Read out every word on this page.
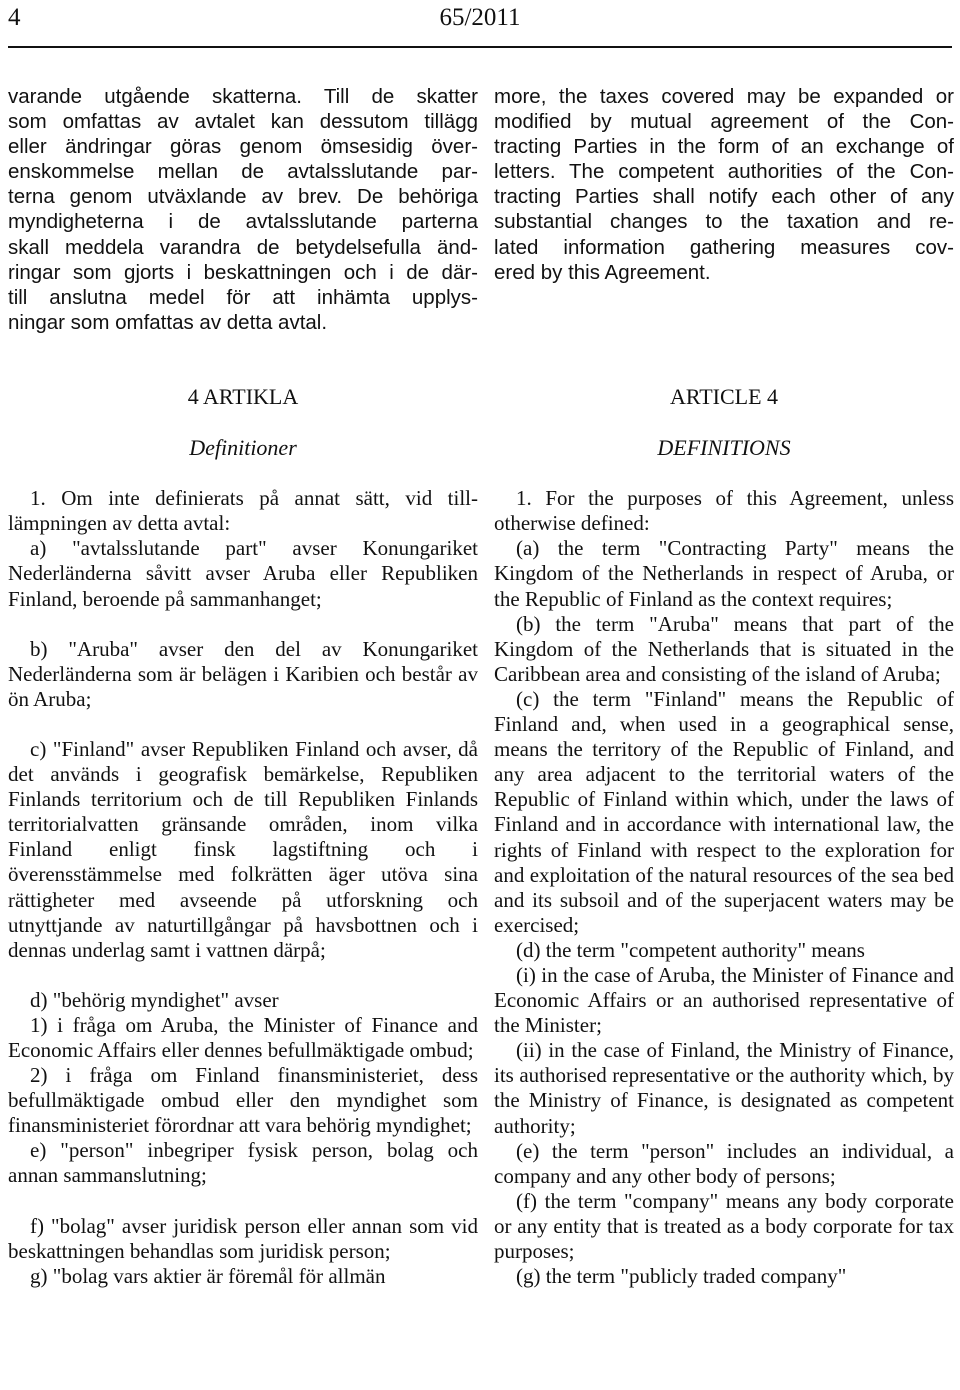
4	65/2011
varande utgående skatterna. Till de skatter
som omfattas av avtalet kan dessutom tillägg
eller ändringar göras genom ömsesidig över-
enskommelse mellan de avtalsslutande par-
terna genom utväxlande av brev. De behöriga
myndigheterna i de avtalsslutande parterna
skall meddela varandra de betydelsefulla änd-
ringar som gjorts i beskattningen och i de där-
till anslutna medel för att inhämta upplys-
ningar som omfattas av detta avtal.
more, the taxes covered may be expanded or
modified by mutual agreement of the Con-
tracting Parties in the form of an exchange of
letters. The competent authorities of the Con-
tracting Parties shall notify each other of any
substantial changes to the taxation and re-
lated information gathering measures cov-
ered by this Agreement.
4 ARTIKLA
Definitioner

1. Om inte definierats på annat sätt, vid till-lämpningen av detta avtal:

a) "avtalsslutande part" avser Konungariket Nederländerna såvitt avser Aruba eller Republiken Finland, beroende på sammanhanget;

b) "Aruba" avser den del av Konungariket Nederländerna som är belägen i Karibien och består av ön Aruba;

c) "Finland" avser Republiken Finland och avser, då det används i geografisk bemärkelse, Republiken Finlands territorium och de till Republiken Finlands territorialvatten gränsande områden, inom vilka Finland enligt finsk lagstiftning och i överensstämmelse med folkrätten äger utöva sina rättigheter med avseende på utforskning och utnyttjande av naturtillgångar på havsbottnen och i dennas underlag samt i vattnen därpå;

d) "behörig myndighet" avser

1) i fråga om Aruba, the Minister of Finance and Economic Affairs eller dennes befullmäktigade ombud;

2) i fråga om Finland finansministeriet, dess befullmäktigade ombud eller den myndighet som finansministeriet förordnar att vara behörig myndighet;

e) "person" inbegriper fysisk person, bolag och annan sammanslutning;

f) "bolag" avser juridisk person eller annan som vid beskattningen behandlas som juridisk person;

g) "bolag vars aktier är föremål för allmän

ARTICLE 4
DEFINITIONS

1. For the purposes of this Agreement, unless otherwise defined:

(a) the term "Contracting Party" means the Kingdom of the Netherlands in respect of Aruba, or the Republic of Finland as the context requires;

(b) the term "Aruba" means that part of the Kingdom of the Netherlands that is situated in the Caribbean area and consisting of the island of Aruba;

(c) the term "Finland" means the Republic of Finland and, when used in a geographical sense, means the territory of the Republic of Finland, and any area adjacent to the territorial waters of the Republic of Finland within which, under the laws of Finland and in accordance with international law, the rights of Finland with respect to the exploration for and exploitation of the natural resources of the sea bed and its subsoil and of the superjacent waters may be exercised;

(d) the term "competent authority" means

(i) in the case of Aruba, the Minister of Finance and Economic Affairs or an authorised representative of the Minister;

(ii) in the case of Finland, the Ministry of Finance, its authorised representative or the authority which, by the Ministry of Finance, is designated as competent authority;

(e) the term "person" includes an individual, a company and any other body of persons;

(f) the term "company" means any body corporate or any entity that is treated as a body corporate for tax purposes;

(g) the term "publicly traded company"
